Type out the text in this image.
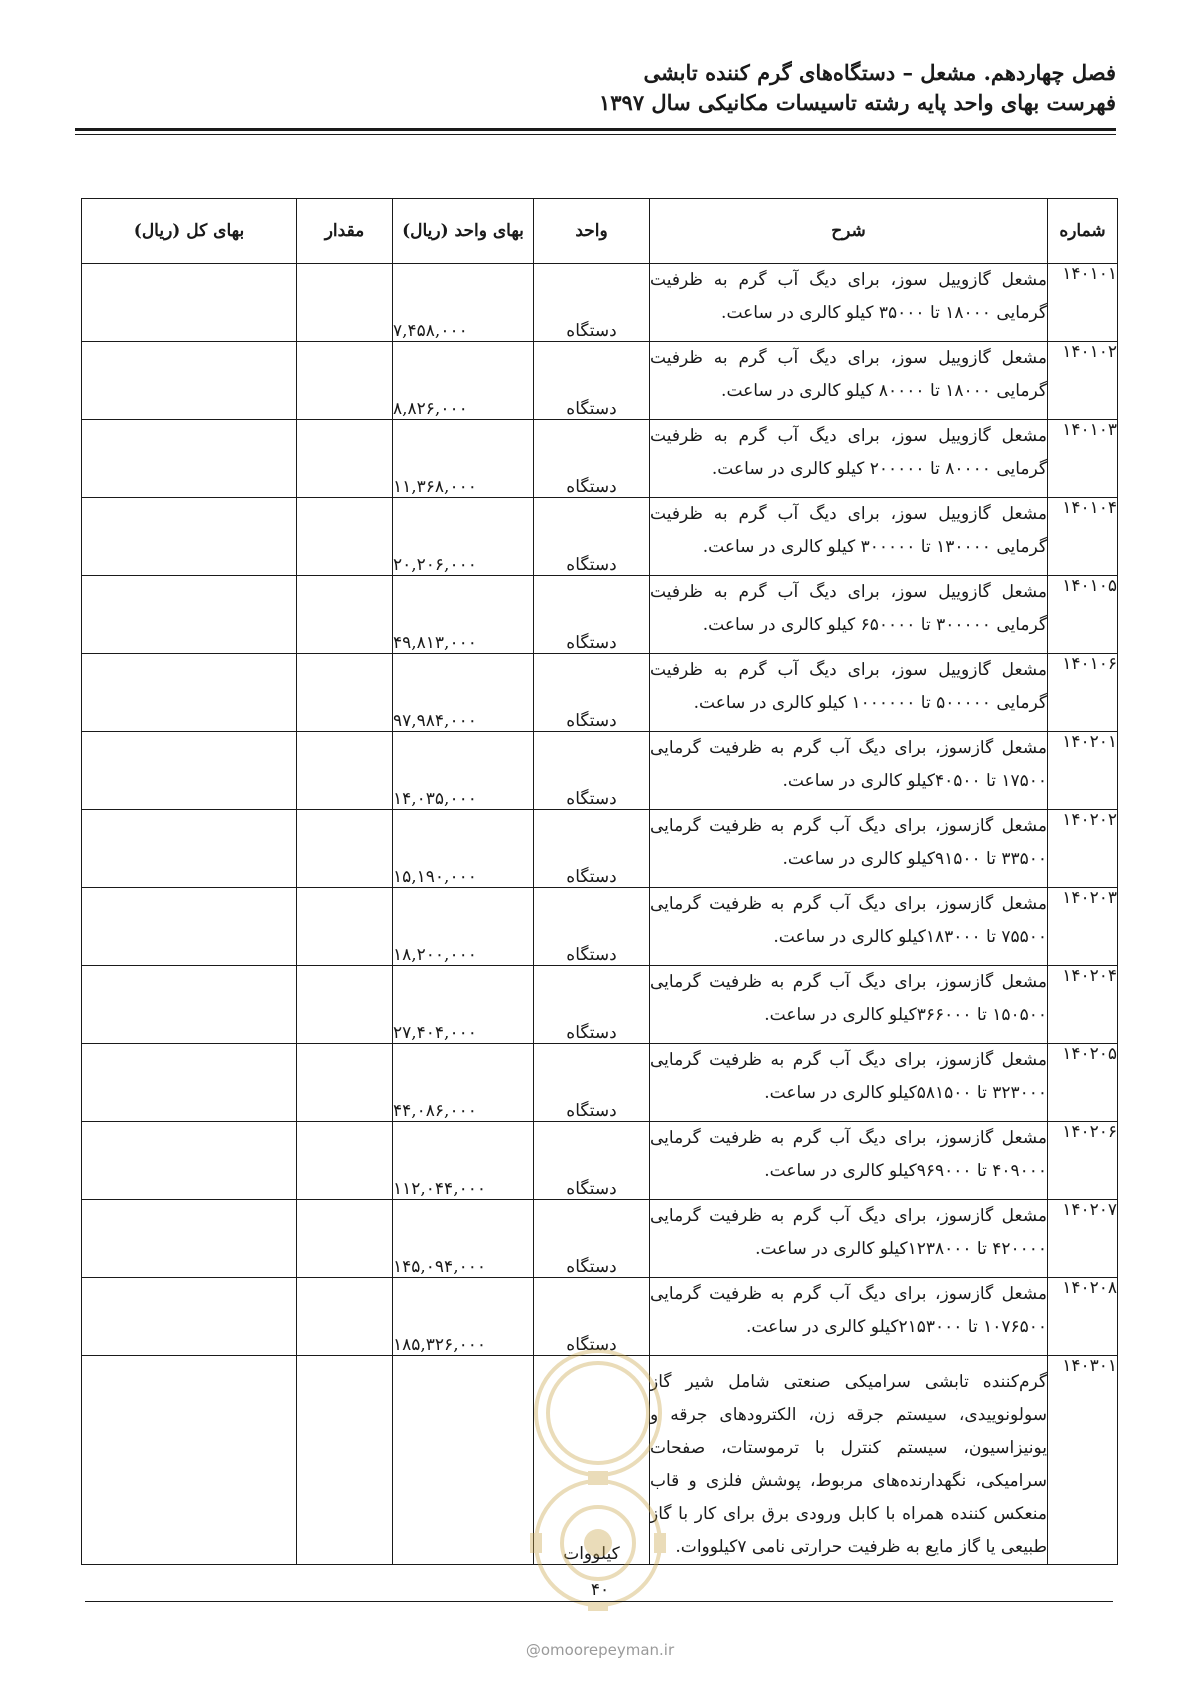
فصل چهاردهم. مشعل – دستگاه‌های گرم کننده تابشی
فهرست بهای واحد پایه رشته تاسیسات مکانیکی سال ۱۳۹۷
شماره	شرح	واحد	بهای واحد (ریال)	مقدار	بهای کل (ریال)
۱۴۰۱۰۱	مشعل گازوییل سوز، برای دیگ آب گرم به ظرفیت گرمایی ۱۸۰۰۰ تا ۳۵۰۰۰ کیلو کالری در ساعت.	دستگاه	۷,۴۵۸,۰۰۰		
۱۴۰۱۰۲	مشعل گازوییل سوز، برای دیگ آب گرم به ظرفیت گرمایی ۱۸۰۰۰ تا ۸۰۰۰۰ کیلو کالری در ساعت.	دستگاه	۸,۸۲۶,۰۰۰		
۱۴۰۱۰۳	مشعل گازوییل سوز، برای دیگ آب گرم به ظرفیت گرمایی ۸۰۰۰۰ تا ۲۰۰۰۰۰ کیلو کالری در ساعت.	دستگاه	۱۱,۳۶۸,۰۰۰		
۱۴۰۱۰۴	مشعل گازوییل سوز، برای دیگ آب گرم به ظرفیت گرمایی ۱۳۰۰۰۰ تا ۳۰۰۰۰۰ کیلو کالری در ساعت.	دستگاه	۲۰,۲۰۶,۰۰۰		
۱۴۰۱۰۵	مشعل گازوییل سوز، برای دیگ آب گرم به ظرفیت گرمایی ۳۰۰۰۰۰ تا ۶۵۰۰۰۰ کیلو کالری در ساعت.	دستگاه	۴۹,۸۱۳,۰۰۰		
۱۴۰۱۰۶	مشعل گازوییل سوز، برای دیگ آب گرم به ظرفیت گرمایی ۵۰۰۰۰۰ تا ۱۰۰۰۰۰۰ کیلو کالری در ساعت.	دستگاه	۹۷,۹۸۴,۰۰۰		
۱۴۰۲۰۱	مشعل گازسوز، برای دیگ آب گرم به ظرفیت گرمایی ۱۷۵۰۰ تا ۴۰۵۰۰کیلو کالری در ساعت.	دستگاه	۱۴,۰۳۵,۰۰۰		
۱۴۰۲۰۲	مشعل گازسوز، برای دیگ آب گرم به ظرفیت گرمایی ۳۳۵۰۰ تا ۹۱۵۰۰کیلو کالری در ساعت.	دستگاه	۱۵,۱۹۰,۰۰۰		
۱۴۰۲۰۳	مشعل گازسوز، برای دیگ آب گرم به ظرفیت گرمایی ۷۵۵۰۰ تا ۱۸۳۰۰۰کیلو کالری در ساعت.	دستگاه	۱۸,۲۰۰,۰۰۰		
۱۴۰۲۰۴	مشعل گازسوز، برای دیگ آب گرم به ظرفیت گرمایی ۱۵۰۵۰۰ تا ۳۶۶۰۰۰کیلو کالری در ساعت.	دستگاه	۲۷,۴۰۴,۰۰۰		
۱۴۰۲۰۵	مشعل گازسوز، برای دیگ آب گرم به ظرفیت گرمایی ۳۲۳۰۰۰ تا ۵۸۱۵۰۰کیلو کالری در ساعت.	دستگاه	۴۴,۰۸۶,۰۰۰		
۱۴۰۲۰۶	مشعل گازسوز، برای دیگ آب گرم به ظرفیت گرمایی ۴۰۹۰۰۰ تا ۹۶۹۰۰۰کیلو کالری در ساعت.	دستگاه	۱۱۲,۰۴۴,۰۰۰		
۱۴۰۲۰۷	مشعل گازسوز، برای دیگ آب گرم به ظرفیت گرمایی ۴۲۰۰۰۰ تا ۱۲۳۸۰۰۰کیلو کالری در ساعت.	دستگاه	۱۴۵,۰۹۴,۰۰۰		
۱۴۰۲۰۸	مشعل گازسوز، برای دیگ آب گرم به ظرفیت گرمایی ۱۰۷۶۵۰۰ تا ۲۱۵۳۰۰۰کیلو کالری در ساعت.	دستگاه	۱۸۵,۳۲۶,۰۰۰		
۱۴۰۳۰۱	گرم‌کننده تابشی سرامیکی صنعتی شامل شیر گاز سولونوییدی، سیستم جرقه زن، الکترودهای جرقه و یونیزاسیون، سیستم کنترل با ترموستات، صفحات سرامیکی، نگهدارنده‌های مربوط، پوشش فلزی و قاب منعکس کننده همراه با کابل ورودی برق برای کار با گاز طبیعی یا گاز مایع به ظرفیت حرارتی نامی ۷کیلووات.	کیلووات			
۴۰
@omoorepeyman.ir
